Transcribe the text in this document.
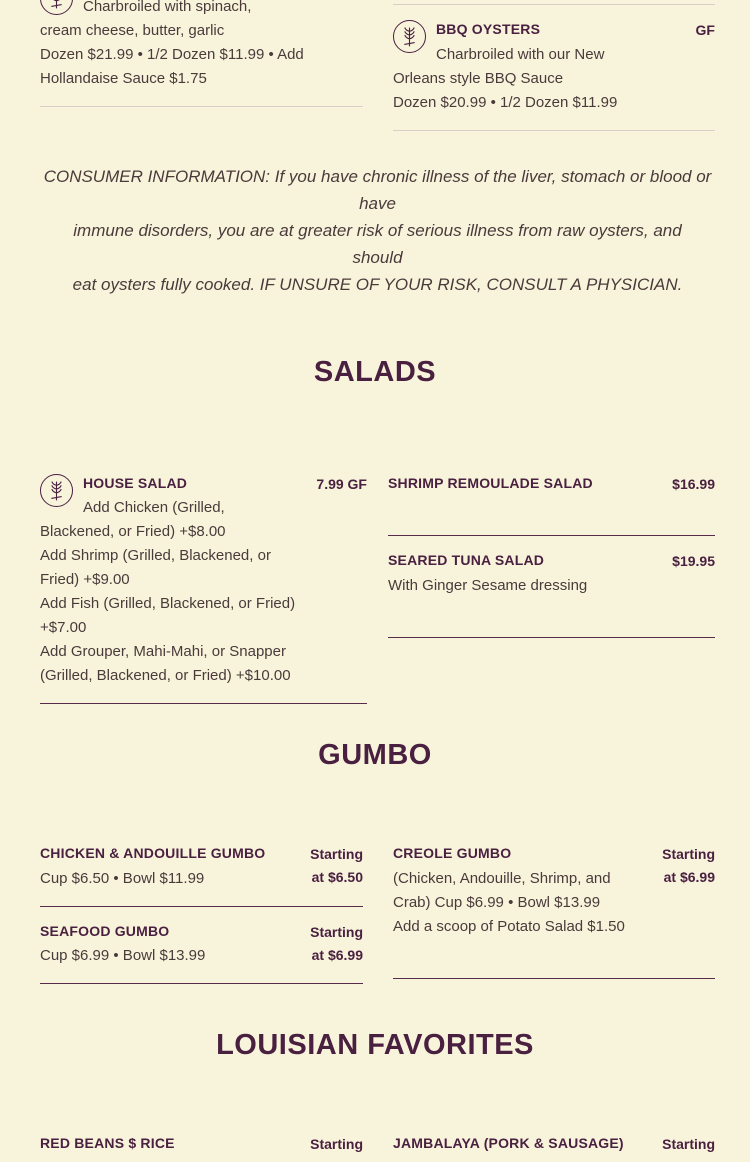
Charbroiled with spinach,
cream cheese, butter, garlic
Dozen $21.99 • 1/2 Dozen $11.99 • Add
Hollandaise Sauce $1.75
BBQ OYSTERS	GF
Charbroiled with our New
Orleans style BBQ Sauce
Dozen $20.99 • 1/2 Dozen $11.99
CONSUMER INFORMATION: If you have chronic illness of the liver, stomach or blood or
have
immune disorders, you are at greater risk of serious illness from raw oysters, and
should
eat oysters fully cooked. IF UNSURE OF YOUR RISK, CONSULT A PHYSICIAN.
SALADS
HOUSE SALAD	7.99 GF
Add Chicken (Grilled,
Blackened, or Fried) +$8.00
Add Shrimp (Grilled, Blackened, or
Fried) +$9.00
Add Fish (Grilled, Blackened, or Fried)
+$7.00
Add Grouper, Mahi-Mahi, or Snapper
(Grilled, Blackened, or Fried) +$10.00
SHRIMP REMOULADE SALAD	$16.99
SEARED TUNA SALAD	$19.95
With Ginger Sesame dressing
GUMBO
CHICKEN & ANDOUILLE GUMBO	Starting
at $6.50
Cup $6.50 • Bowl $11.99
SEAFOOD GUMBO	Starting
at $6.99
Cup $6.99 • Bowl $13.99
CREOLE GUMBO	Starting
at $6.99
(Chicken, Andouille, Shrimp, and
Crab) Cup $6.99 • Bowl $13.99
Add a scoop of Potato Salad $1.50
LOUISIAN FAVORITES
RED BEANS $ RICE	Starting JAMBALAYA (PORK & SAUSAGE)	Starting
